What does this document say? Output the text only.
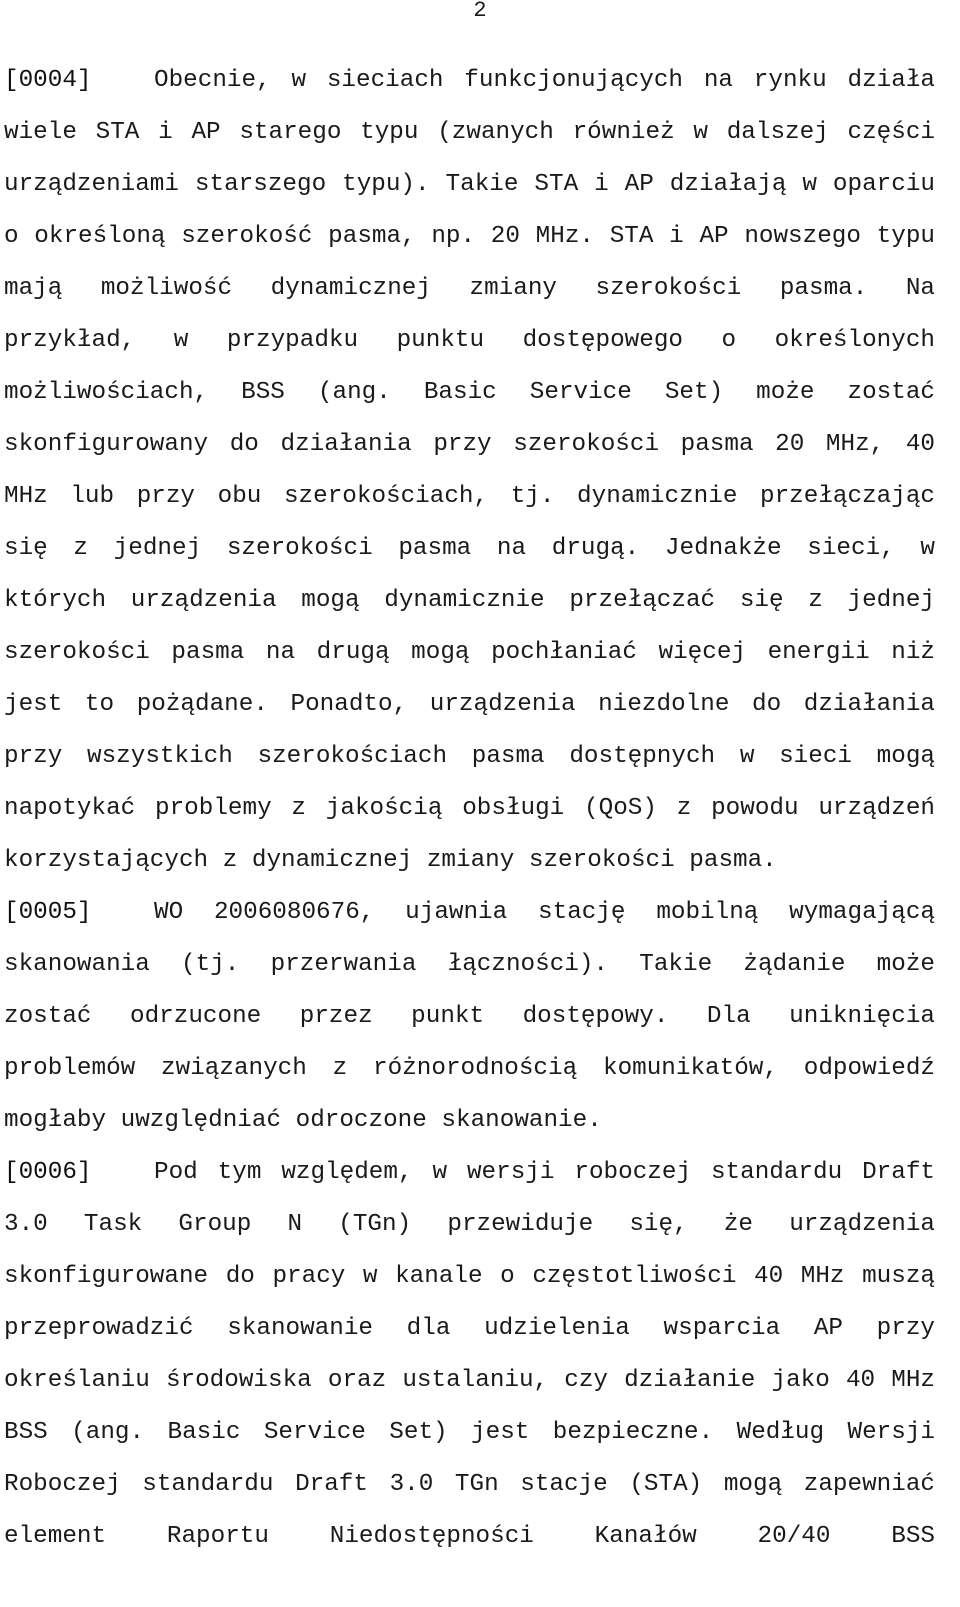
2

[0004]	Obecnie, w sieciach funkcjonujących na rynku działa wiele STA i AP starego typu (zwanych również w dalszej części urządzeniami starszego typu). Takie STA i AP działają w oparciu o określoną szerokość pasma, np. 20 MHz. STA i AP nowszego typu mają możliwość dynamicznej zmiany szerokości pasma. Na przykład, w przypadku punktu dostępowego o określonych możliwościach, BSS (ang. Basic Service Set) może zostać skonfigurowany do działania przy szerokości pasma 20 MHz, 40 MHz lub przy obu szerokościach, tj. dynamicznie przełączając się z jednej szerokości pasma na drugą. Jednakże sieci, w których urządzenia mogą dynamicznie przełączać się z jednej szerokości pasma na drugą mogą pochłaniać więcej energii niż jest to pożądane. Ponadto, urządzenia niezdolne do działania przy wszystkich szerokościach pasma dostępnych w sieci mogą napotykać problemy z jakością obsługi (QoS) z powodu urządzeń korzystających z dynamicznej zmiany szerokości pasma.

[0005]	WO 2006080676, ujawnia stację mobilną wymagającą skanowania (tj. przerwania łączności). Takie żądanie może zostać odrzucone przez punkt dostępowy. Dla uniknięcia problemów związanych z różnorodnością komunikatów, odpowiedź mogłaby uwzględniać odroczone skanowanie.

[0006]	Pod tym względem, w wersji roboczej standardu Draft 3.0 Task Group N (TGn) przewiduje się, że urządzenia skonfigurowane do pracy w kanale o częstotliwości 40 MHz muszą przeprowadzić skanowanie dla udzielenia wsparcia AP przy określaniu środowiska oraz ustalaniu, czy działanie jako 40 MHz BSS (ang. Basic Service Set) jest bezpieczne. Według Wersji Roboczej standardu Draft 3.0 TGn stacje (STA) mogą zapewniać element Raportu Niedostępności Kanałów 20/40 BSS
